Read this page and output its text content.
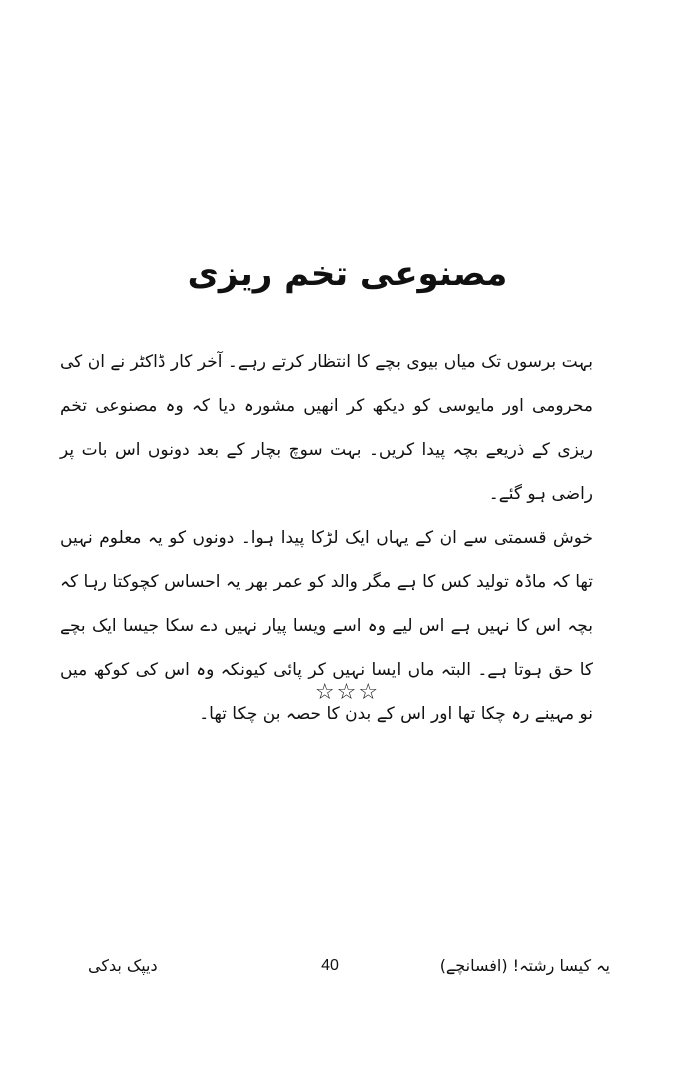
مصنوعی تخم ریزی

بہت برسوں تک میاں بیوی بچے کا انتظار کرتے رہے۔ آخر کار ڈاکٹر نے ان کی محرومی اور مایوسی کو دیکھ کر انھیں مشورہ دیا کہ وہ مصنوعی تخم ریزی کے ذریعے بچہ پیدا کریں۔ بہت سوچ بچار کے بعد دونوں اس بات پر راضی ہو گئے۔

خوش قسمتی سے ان کے یہاں ایک لڑکا پیدا ہوا۔ دونوں کو یہ معلوم نہیں تھا کہ ماڈہ تولید کس کا ہے مگر والد کو عمر بھر یہ احساس کچوکتا رہا کہ بچہ اس کا نہیں ہے اس لیے وہ اسے ویسا پیار نہیں دے سکا جیسا ایک بچے کا حق ہوتا ہے۔ البتہ ماں ایسا نہیں کر پائی کیونکہ وہ اس کی کوکھ میں نو مہینے رہ چکا تھا اور اس کے بدن کا حصہ بن چکا تھا۔

☆☆☆
یہ کیسا رشتہ! (افسانچے)
40
دیپک بدکی
